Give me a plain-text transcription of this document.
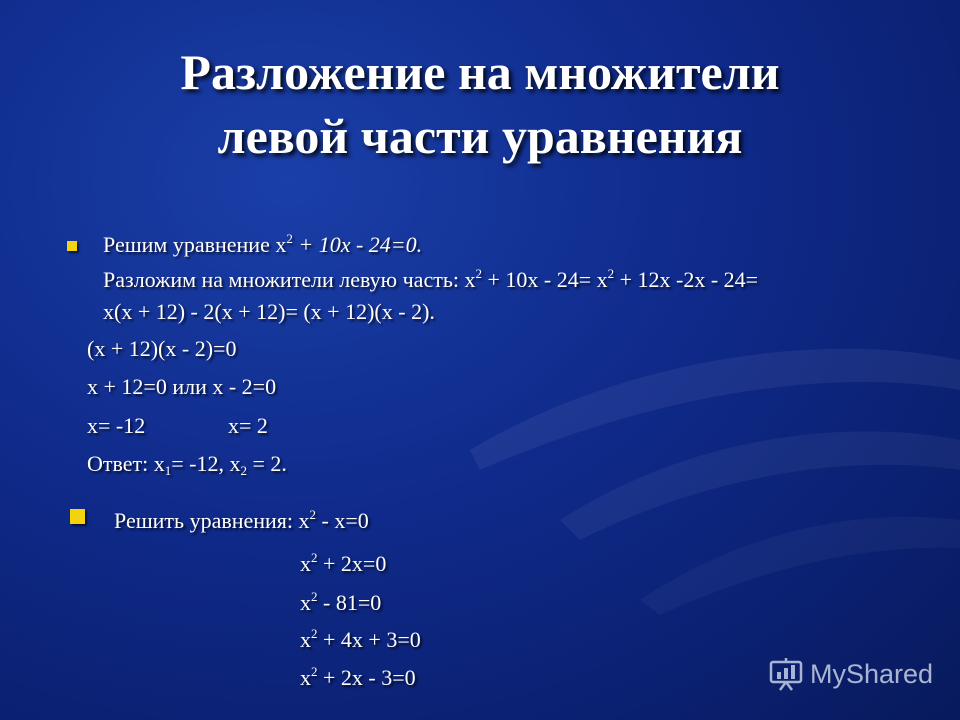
Разложение на множители
левой части уравнения
Решим уравнение $х^2 + 10х - 24=0$.
Разложим на множители левую часть: $х^2 + 10х - 24= х^2 + 12х$ -2х - 24=
х(х + 12) - 2(х + 12)= (х + 12)(х - 2).
(х + 12)(х - 2)=0
х + 12=0 или х - 2=0
х= -12	х= 2
Ответ: $х_1= -12$, $х_2 = 2$.
Решить уравнения: $х^2 - х=0$
$х^2 + 2х=0$
$х^2 - 81=0$
$х^2 + 4х + 3=0$
$х^2 + 2х - 3=0$	MyShared
